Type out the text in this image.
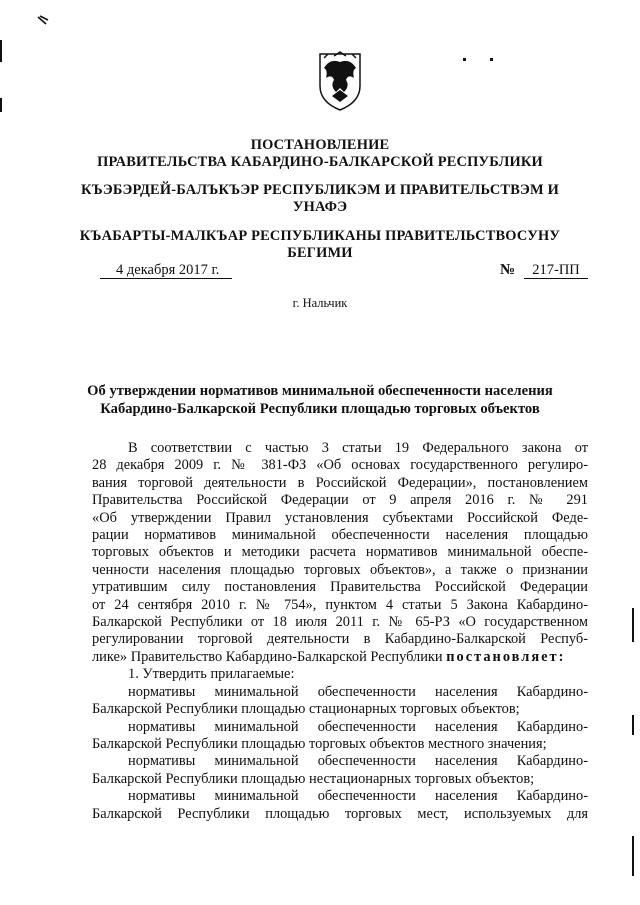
ПОСТАНОВЛЕНИЕ
ПРАВИТЕЛЬСТВА КАБАРДИНО-БАЛКАРСКОЙ РЕСПУБЛИКИ
КЪЭБЭРДЕЙ-БАЛЪКЪЭР РЕСПУБЛИКЭМ И ПРАВИТЕЛЬСТВЭМ И
УНАФЭ
КЪАБАРТЫ-МАЛКЪАР РЕСПУБЛИКАНЫ ПРАВИТЕЛЬСТВОСУНУ
БЕГИМИ
4 декабря 2017 г.	№	217-ПП
г. Нальчик
Об утверждении нормативов минимальной обеспеченности населения
Кабардино-Балкарской Республики площадью торговых объектов
В соответствии с частью 3 статьи 19 Федерального закона от
28 декабря 2009 г. № 381-ФЗ «Об основах государственного регулиро-
вания торговой деятельности в Российской Федерации», постановлением
Правительства Российской Федерации от 9 апреля 2016 г. № 291
«Об утверждении Правил установления субъектами Российской Феде-
рации нормативов минимальной обеспеченности населения площадью
торговых объектов и методики расчета нормативов минимальной обеспе-
ченности населения площадью торговых объектов», а также о признании
утратившим силу постановления Правительства Российской Федерации
от 24 сентября 2010 г. № 754», пунктом 4 статьи 5 Закона Кабардино-
Балкарской Республики от 18 июля 2011 г. № 65-РЗ «О государственном
регулировании торговой деятельности в Кабардино-Балкарской Респуб-
лике» Правительство Кабардино-Балкарской Республики постановляет:
1. Утвердить прилагаемые:
нормативы минимальной обеспеченности населения Кабардино-
Балкарской Республики площадью стационарных торговых объектов;
нормативы минимальной обеспеченности населения Кабардино-
Балкарской Республики площадью торговых объектов местного значения;
нормативы минимальной обеспеченности населения Кабардино-
Балкарской Республики площадью нестационарных торговых объектов;
нормативы минимальной обеспеченности населения Кабардино-
Балкарской Республики площадью торговых мест, используемых для
